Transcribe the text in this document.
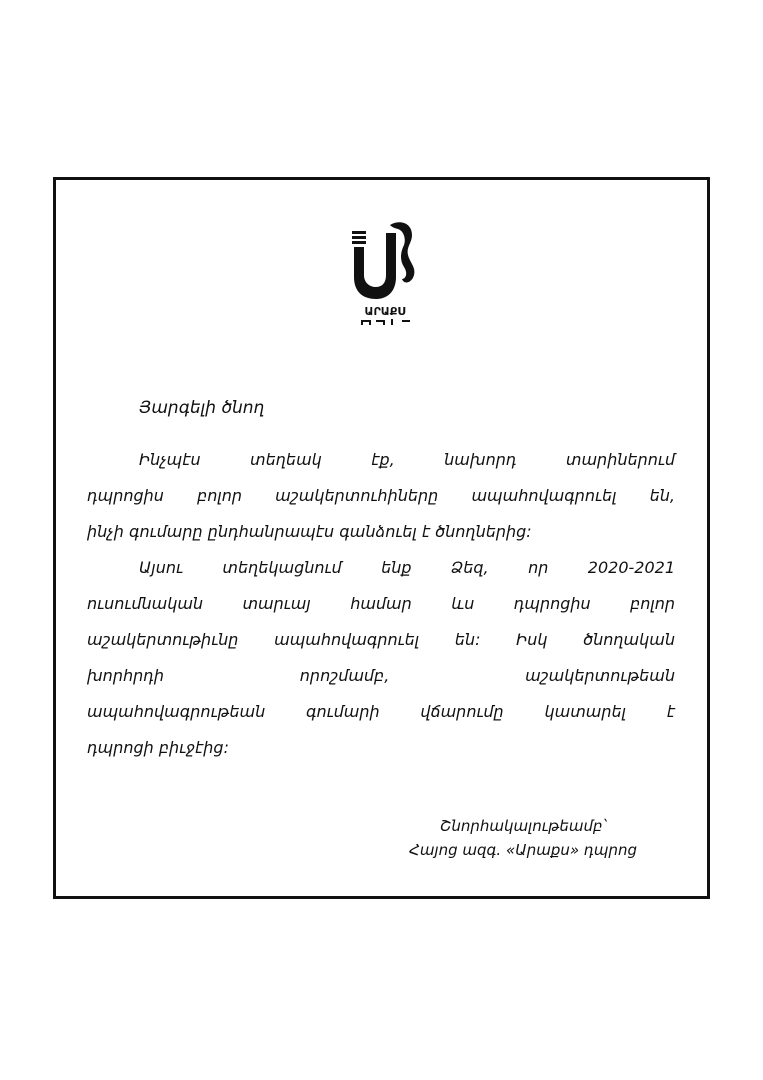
ԱՐԱՔՍ

Յարգելի ծնող

Ինչպէս տեղեակ էք, նախորդ տարիներում
դպրոցիս բոլոր աշակերտուհիները ապահովագրուել են,
ինչի գումարը ընդհանրապէս գանձուել է ծնողներից:
Այսու տեղեկացնում ենք Ձեզ, որ 2020-2021
ուսումնական տարւայ համար ևս դպրոցիս բոլոր
աշակերտութիւնը ապահովագրուել են: Իսկ ծնողական
խորհրդի որոշմամբ, աշակերտութեան
ապահովագրութեան գումարի վճարումը կատարել է
դպրոցի բիւջէից:
Շնորհակալութեամբ՝
Հայոց ազգ. «Արաքս» դպրոց
